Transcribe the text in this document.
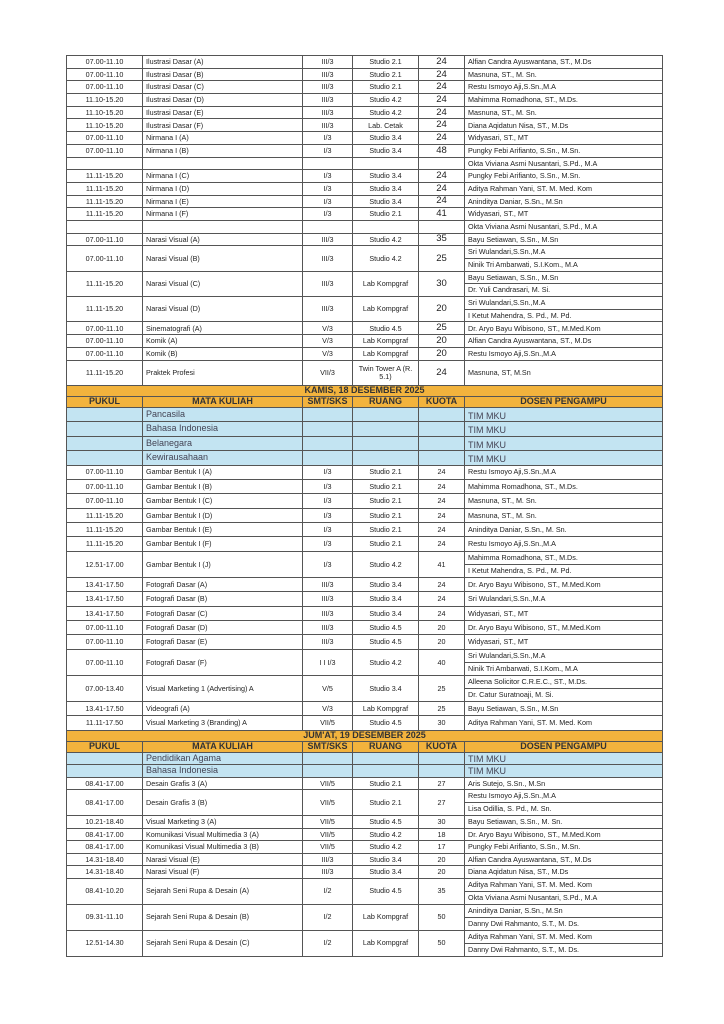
07.00-11.10	Ilustrasi Dasar (A)	III/3	Studio 2.1	24	Alfian Candra Ayuswantana, ST., M.Ds
07.00-11.10	Ilustrasi Dasar (B)	III/3	Studio 2.1	24	Masnuna, ST., M. Sn.
07.00-11.10	Ilustrasi Dasar (C)	III/3	Studio 2.1	24	Restu Ismoyo Aji,S.Sn.,M.A
11.10-15.20	Ilustrasi Dasar (D)	III/3	Studio 4.2	24	Mahimma Romadhona, ST., M.Ds.
11.10-15.20	Ilustrasi Dasar (E)	III/3	Studio 4.2	24	Masnuna, ST., M. Sn.
11.10-15.20	Ilustrasi Dasar (F)	III/3	Lab. Cetak	24	Diana Aqidatun Nisa, ST., M.Ds
07.00-11.10	Nirmana I (A)	I/3	Studio 3.4	24	Widyasari, ST., MT
07.00-11.10	Nirmana I (B)	I/3	Studio 3.4	48	Pungky Febi Arifianto, S.Sn., M.Sn.
					Okta Viviana Asmi Nusantari, S.Pd., M.A
11.11-15.20	Nirmana I (C)	I/3	Studio 3.4	24	Pungky Febi Arifianto, S.Sn., M.Sn.
11.11-15.20	Nirmana I (D)	I/3	Studio 3.4	24	Aditya Rahman Yani, ST. M. Med. Kom
11.11-15.20	Nirmana I (E)	I/3	Studio 3.4	24	Aninditya Daniar, S.Sn., M.Sn
11.11-15.20	Nirmana I (F)	I/3	Studio 2.1	41	Widyasari, ST., MT
					Okta Viviana Asmi Nusantari, S.Pd., M.A
07.00-11.10	Narasi Visual (A)	III/3	Studio 4.2	35	Bayu Setiawan, S.Sn., M.Sn
07.00-11.10	Narasi Visual (B)	III/3	Studio 4.2	25	Sri Wulandari,S.Sn.,M.A
					Ninik Tri Ambarwati, S.I.Kom., M.A
11.11-15.20	Narasi Visual (C)	III/3	Lab Kompgraf	30	Bayu Setiawan, S.Sn., M.Sn
					Dr. Yuli Candrasari, M. Si.
11.11-15.20	Narasi Visual (D)	III/3	Lab Kompgraf	20	Sri Wulandari,S.Sn.,M.A
					I Ketut Mahendra, S. Pd., M. Pd.
07.00-11.10	Sinematografi (A)	V/3	Studio 4.5	25	Dr. Aryo Bayu Wibisono, ST., M.Med.Kom
07.00-11.10	Komik (A)	V/3	Lab Kompgraf	20	Alfian Candra Ayuswantana, ST., M.Ds
07.00-11.10	Komik (B)	V/3	Lab Kompgraf	20	Restu Ismoyo Aji,S.Sn.,M.A
11.11-15.20	Praktek Profesi	VII/3	Twin Tower A (R. 5.1)	24	Masnuna, ST, M.Sn
KAMIS, 18 DESEMBER 2025					
PUKUL	MATA KULIAH	SMT/SKS	RUANG	KUOTA	DOSEN PENGAMPU
	Pancasila				TIM MKU
	Bahasa Indonesia				TIM MKU
	Belanegara				TIM MKU
	Kewirausahaan				TIM MKU
07.00-11.10	Gambar Bentuk I (A)	I/3	Studio 2.1	24	Restu Ismoyo Aji,S.Sn.,M.A
07.00-11.10	Gambar Bentuk I (B)	I/3	Studio 2.1	24	Mahimma Romadhona, ST., M.Ds.
07.00-11.10	Gambar Bentuk I (C)	I/3	Studio 2.1	24	Masnuna, ST., M. Sn.
11.11-15.20	Gambar Bentuk I (D)	I/3	Studio 2.1	24	Masnuna, ST., M. Sn.
11.11-15.20	Gambar Bentuk I (E)	I/3	Studio 2.1	24	Aninditya Daniar, S.Sn., M. Sn.
11.11-15.20	Gambar Bentuk I (F)	I/3	Studio 2.1	24	Restu Ismoyo Aji,S.Sn.,M.A
12.51-17.00	Gambar Bentuk I (J)	I/3	Studio 4.2	41	Mahimma Romadhona, ST., M.Ds.
					I Ketut Mahendra, S. Pd., M. Pd.
13.41-17.50	Fotografi Dasar (A)	III/3	Studio 3.4	24	Dr. Aryo Bayu Wibisono, ST., M.Med.Kom
13.41-17.50	Fotografi Dasar (B)	III/3	Studio 3.4	24	Sri Wulandari,S.Sn.,M.A
13.41-17.50	Fotografi Dasar (C)	III/3	Studio 3.4	24	Widyasari, ST., MT
07.00-11.10	Fotografi Dasar (D)	III/3	Studio 4.5	20	Dr. Aryo Bayu Wibisono, ST., M.Med.Kom
07.00-11.10	Fotografi Dasar (E)	III/3	Studio 4.5	20	Widyasari, ST., MT
07.00-11.10	Fotografi Dasar (F)	I I I/3	Studio 4.2	40	Sri Wulandari,S.Sn.,M.A
					Ninik Tri Ambarwati, S.I.Kom., M.A
07.00-13.40	Visual Marketing 1 (Advertising) A	V/5	Studio 3.4	25	Alleena Solicitor C.R.E.C., ST., M.Ds.
					Dr. Catur Suratnoaji, M. Si.
13.41-17.50	Videografi (A)	V/3	Lab Kompgraf	25	Bayu Setiawan, S.Sn., M.Sn
11.11-17.50	Visual Marketing 3 (Branding) A	VII/5	Studio 4.5	30	Aditya Rahman Yani, ST. M. Med. Kom
JUM'AT, 19 DESEMBER 2025					
PUKUL	MATA KULIAH	SMT/SKS	RUANG	KUOTA	DOSEN PENGAMPU
	Pendidikan Agama				TIM MKU
	Bahasa Indonesia				TIM MKU
08.41-17.00	Desain Grafis 3 (A)	VII/5	Studio 2.1	27	Aris Sutejo, S.Sn., M.Sn
08.41-17.00	Desain Grafis 3 (B)	VII/5	Studio 2.1	27	Restu Ismoyo Aji,S.Sn.,M.A
					Lisa Odillia, S. Pd., M. Sn.
10.21-18.40	Visual Marketing 3 (A)	VII/5	Studio 4.5	30	Bayu Setiawan, S.Sn., M. Sn.
08.41-17.00	Komunikasi Visual Multimedia 3 (A)	VII/5	Studio 4.2	18	Dr. Aryo Bayu Wibisono, ST., M.Med.Kom
08.41-17.00	Komunikasi Visual Multimedia 3 (B)	VII/5	Studio 4.2	17	Pungky Febi Arifianto, S.Sn., M.Sn.
14.31-18.40	Narasi Visual (E)	III/3	Studio 3.4	20	Alfian Candra Ayuswantana, ST., M.Ds
14.31-18.40	Narasi Visual (F)	III/3	Studio 3.4	20	Diana Aqidatun Nisa, ST., M.Ds
08.41-10.20	Sejarah Seni Rupa & Desain (A)	I/2	Studio 4.5	35	Aditya Rahman Yani, ST. M. Med. Kom
					Okta Viviana Asmi Nusantari, S.Pd., M.A
09.31-11.10	Sejarah Seni Rupa & Desain (B)	I/2	Lab Kompgraf	50	Aninditya Daniar, S.Sn., M.Sn
					Danny Dwi Rahmanto, S.T., M. Ds.
12.51-14.30	Sejarah Seni Rupa & Desain (C)	I/2	Lab Kompgraf	50	Aditya Rahman Yani, ST. M. Med. Kom
					Danny Dwi Rahmanto, S.T., M. Ds.
